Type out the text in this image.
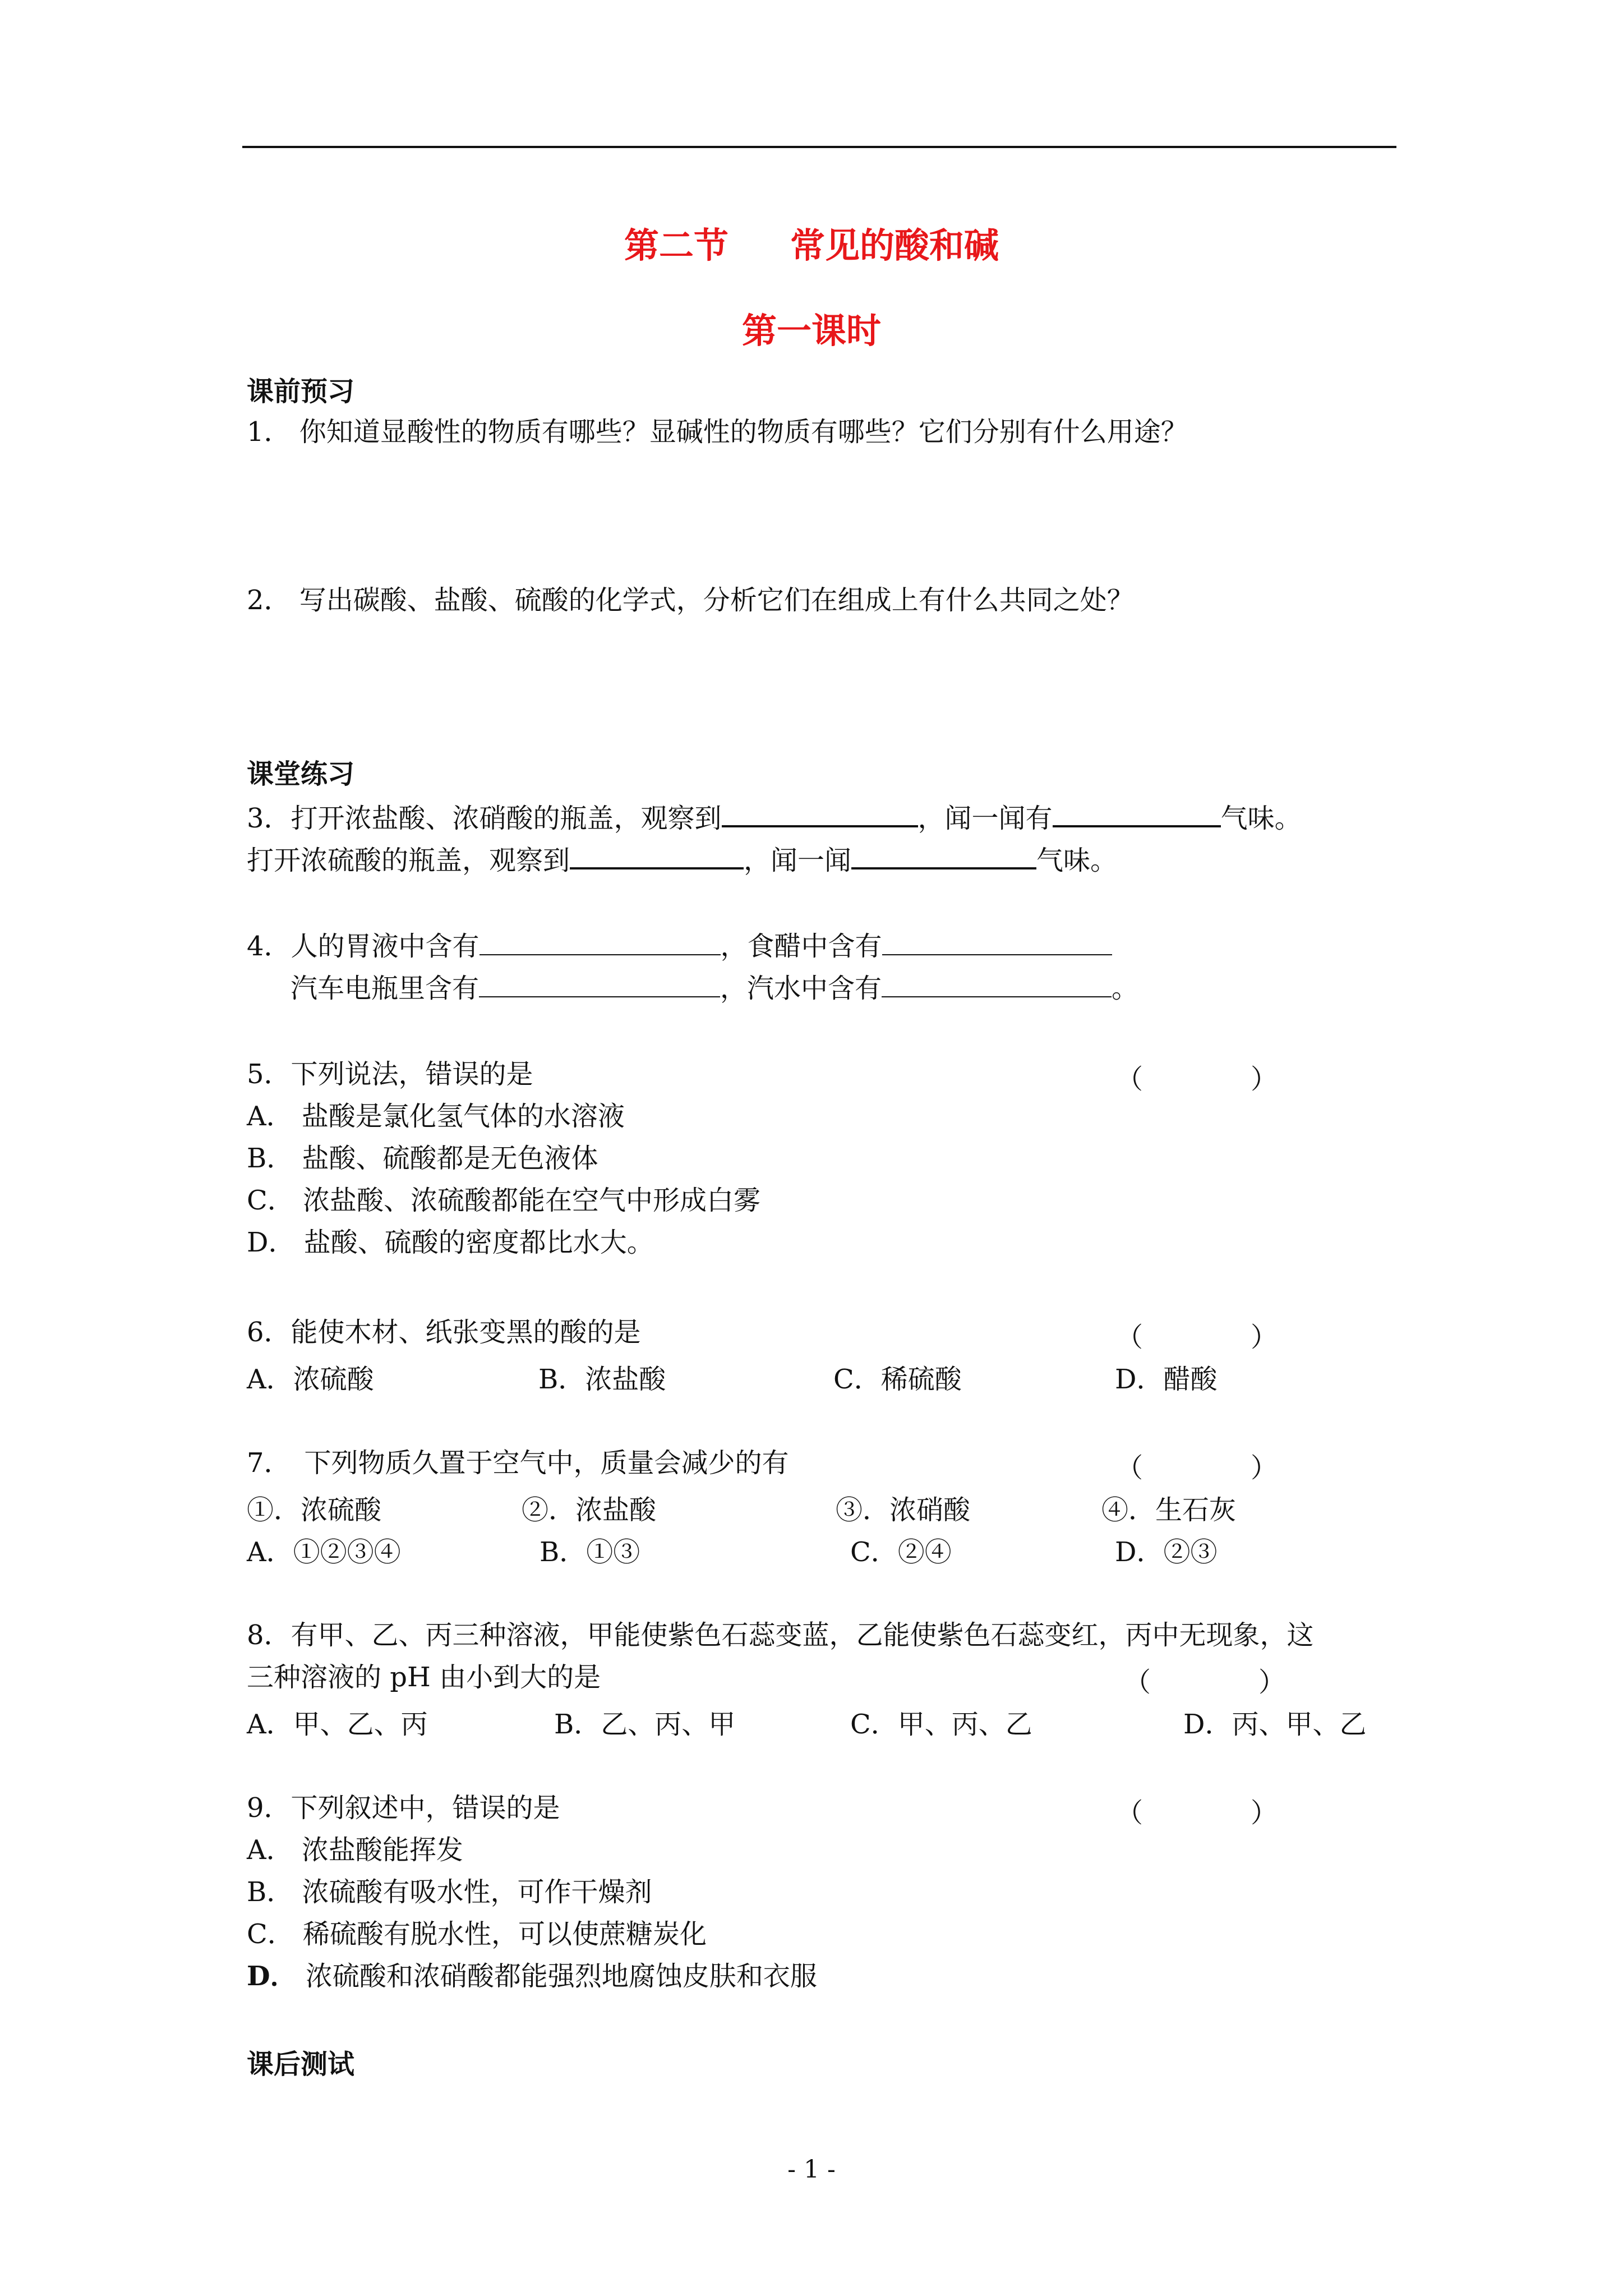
第二节 常见的酸和碱
第一课时
课前预习
1． 你知道显酸性的物质有哪些？显碱性的物质有哪些？它们分别有什么用途？
2． 写出碳酸、盐酸、硫酸的化学式，分析它们在组成上有什么共同之处？
课堂练习
3．打开浓盐酸、浓硝酸的瓶盖，观察到	，闻一闻有	气味。
打开浓硫酸的瓶盖，观察到	，闻一闻	气味。
4．人的胃液中含有	，食醋中含有
汽车电瓶里含有	，汽水中含有	。
5．下列说法，错误的是	（　　　　）
A． 盐酸是氯化氢气体的水溶液
B． 盐酸、硫酸都是无色液体
C． 浓盐酸、浓硫酸都能在空气中形成白雾
D． 盐酸、硫酸的密度都比水大。
6．能使木材、纸张变黑的酸的是	（　　　　）
A．浓硫酸	B．浓盐酸	C．稀硫酸	D．醋酸
7．　下列物质久置于空气中，质量会减少的有	（　　　　）
①．浓硫酸	②．浓盐酸	③．浓硝酸	④．生石灰
A．①②③④	B．①③	C．②④	D．②③
8．有甲、乙、丙三种溶液，甲能使紫色石蕊变蓝，乙能使紫色石蕊变红，丙中无现象，这
三种溶液的 pH 由小到大的是	（　　　　）
A．甲、乙、丙	B．乙、丙、甲	C．甲、丙、乙	D．丙、甲、乙
9．下列叙述中，错误的是	（　　　　）
A． 浓盐酸能挥发
B． 浓硫酸有吸水性，可作干燥剂
C． 稀硫酸有脱水性，可以使蔗糖炭化
D． 浓硫酸和浓硝酸都能强烈地腐蚀皮肤和衣服
课后测试
- 1 -
